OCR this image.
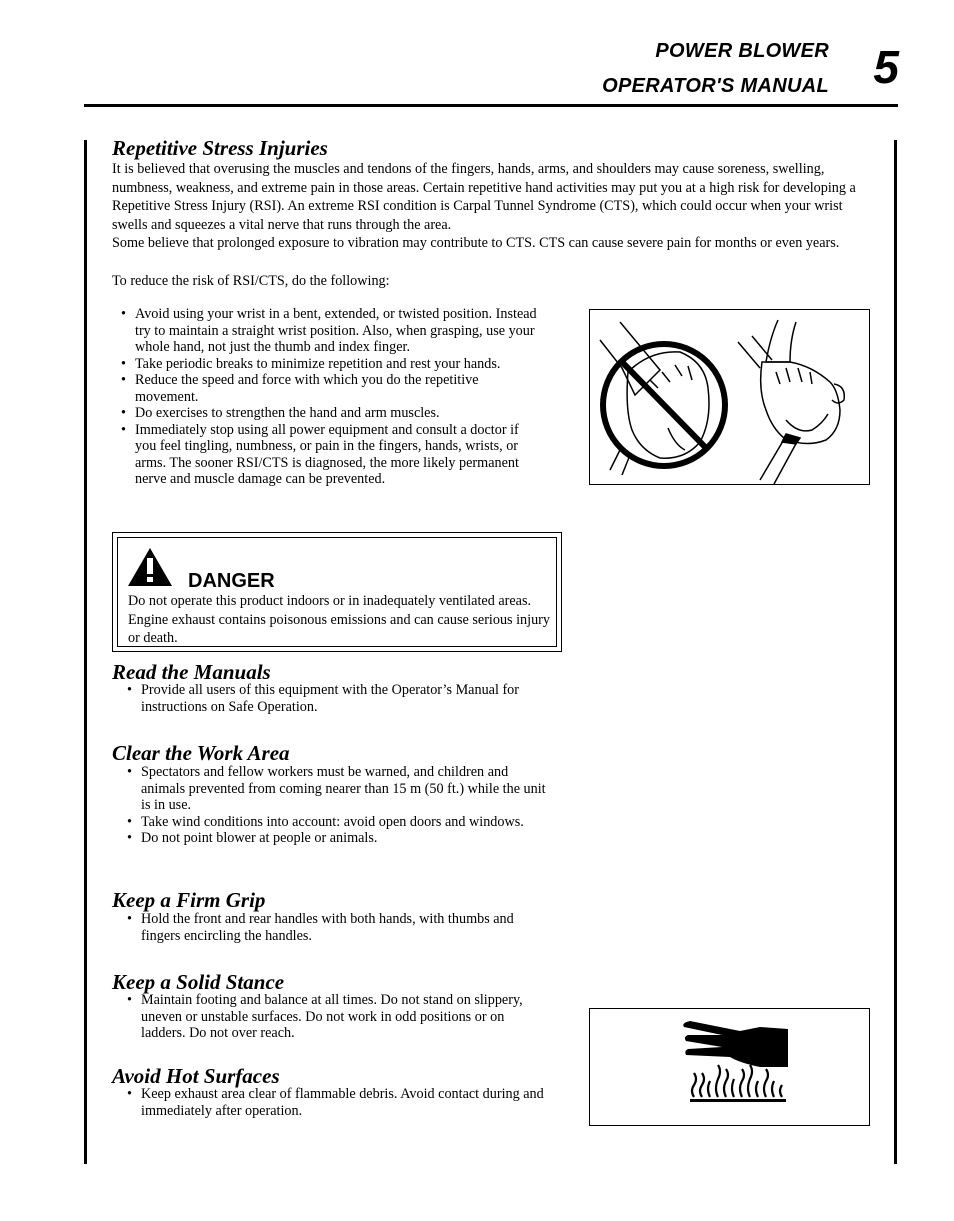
POWER BLOWER
OPERATOR'S MANUAL 5
Repetitive Stress Injuries

It is believed that overusing the muscles and tendons of the fingers, hands, arms, and shoulders may cause soreness, swelling, numbness, weakness, and extreme pain in those areas. Certain repetitive hand activities may put you at a high risk for developing a Repetitive Stress Injury (RSI). An extreme RSI condition is Carpal Tunnel Syndrome (CTS), which could occur when your wrist swells and squeezes a vital nerve that runs through the area.

Some believe that prolonged exposure to vibration may contribute to CTS. CTS can cause severe pain for months or even years.

To reduce the risk of RSI/CTS, do the following:

• Avoid using your wrist in a bent, extended, or twisted position. Instead try to maintain a straight wrist position. Also, when grasping, use your whole hand, not just the thumb and index finger.
• Take periodic breaks to minimize repetition and rest your hands.
• Reduce the speed and force with which you do the repetitive movement.
• Do exercises to strengthen the hand and arm muscles.
• Immediately stop using all power equipment and consult a doctor if you feel tingling, numbness, or pain in the fingers, hands, wrists, or arms. The sooner RSI/CTS is diagnosed, the more likely permanent nerve and muscle damage can be prevented.
DANGER
Do not operate this product indoors or in inadequately ventilated areas. Engine exhaust contains poisonous emissions and can cause serious injury or death.
Read the Manuals
• Provide all users of this equipment with the Operator’s Manual for instructions on Safe Operation.
Clear the Work Area
• Spectators and fellow workers must be warned, and children and animals prevented from coming nearer than 15 m (50 ft.) while the unit is in use.
• Take wind conditions into account: avoid open doors and windows.
• Do not point blower at people or animals.
Keep a Firm Grip
• Hold the front and rear handles with both hands, with thumbs and fingers encircling the handles.
Keep a Solid Stance
• Maintain footing and balance at all times. Do not stand on slippery, uneven or unstable surfaces. Do not work in odd positions or on ladders. Do not over reach.
Avoid Hot Surfaces
• Keep exhaust area clear of flammable debris. Avoid contact during and immediately after operation.
